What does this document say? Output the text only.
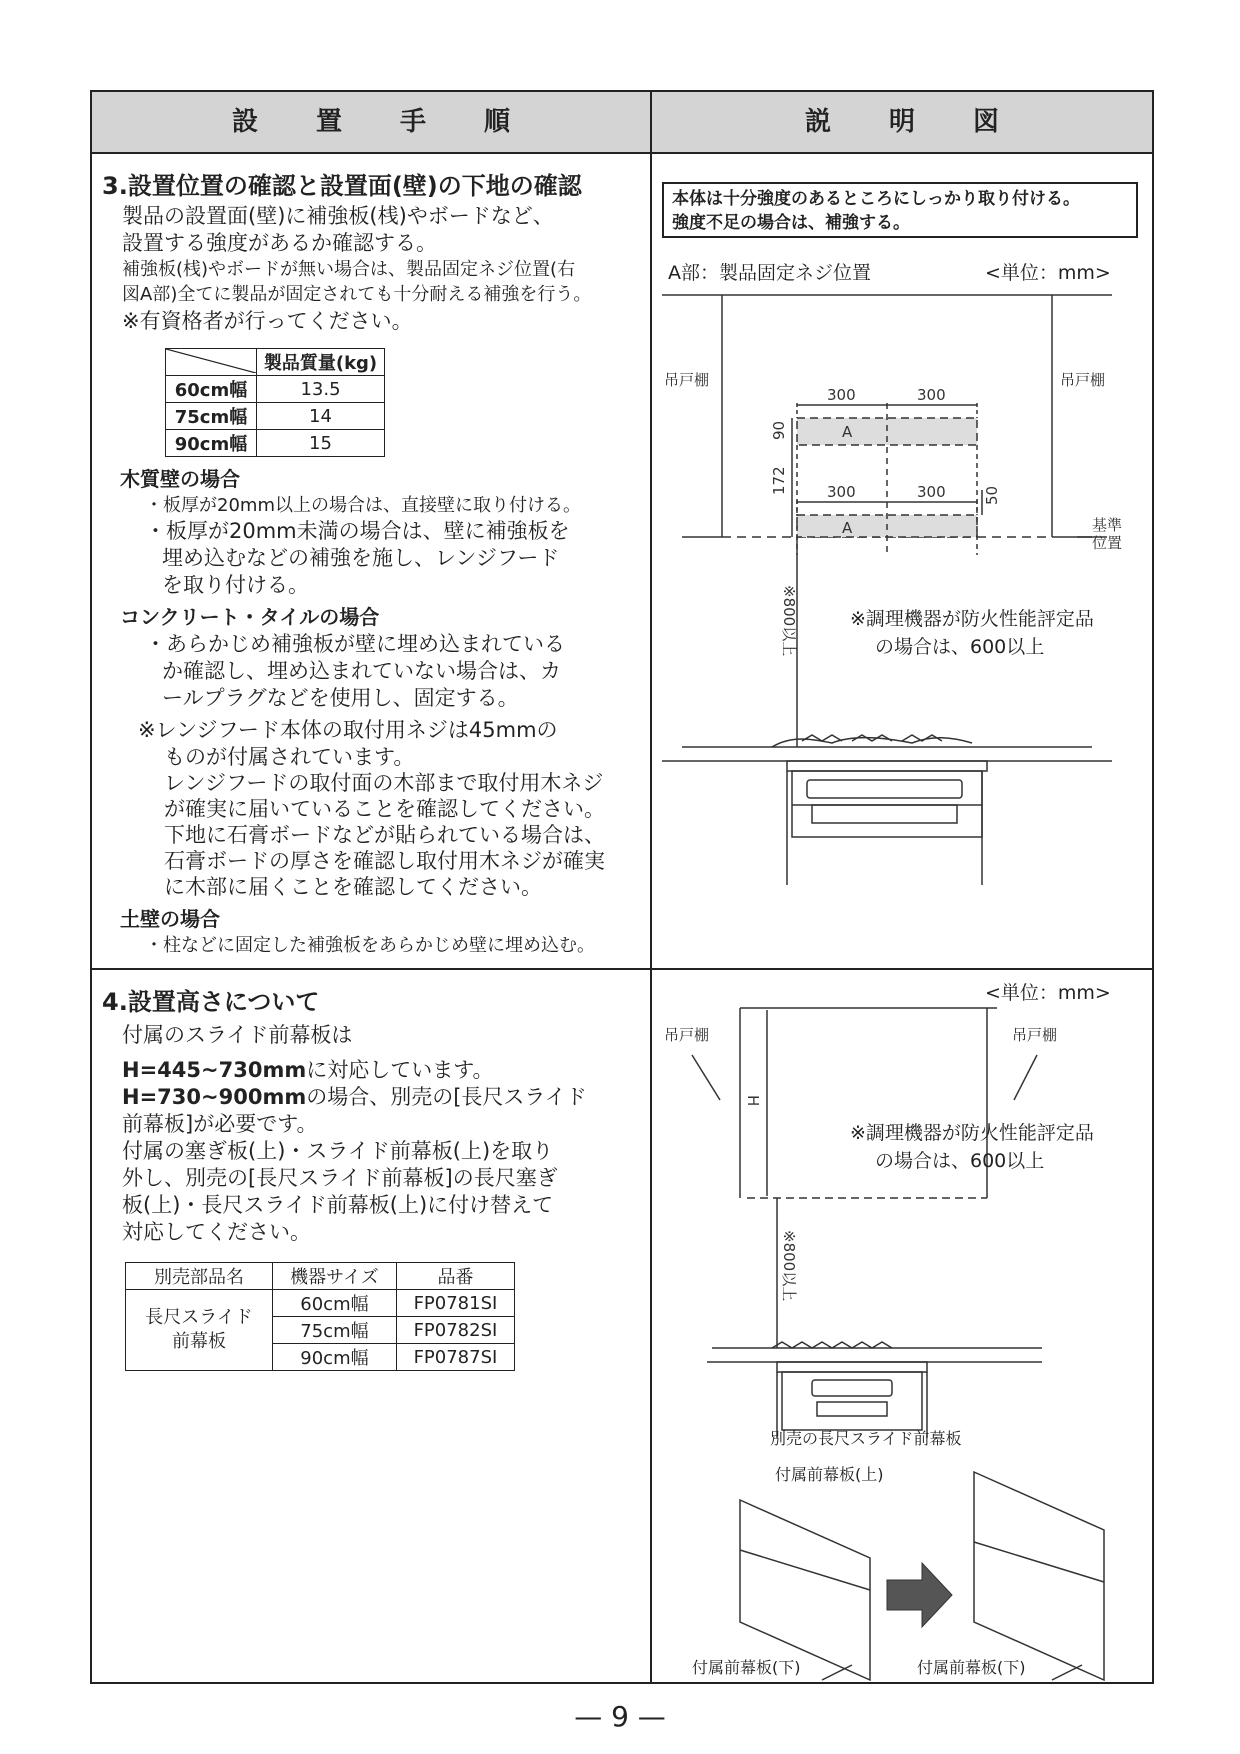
設置手順	説明図
3.設置位置の確認と設置面(壁)の下地の確認
製品の設置面(壁)に補強板(桟)やボードなど、
設置する強度があるか確認する。
補強板(桟)やボードが無い場合は、製品固定ネジ位置(右
図A部)全てに製品が固定されても十分耐える補強を行う。
※有資格者が行ってください。
	製品質量(kg)
60cm幅	13.5
75cm幅	14
90cm幅	15
木質壁の場合
・板厚が20mm以上の場合は、直接壁に取り付ける。
・板厚が20mm未満の場合は、壁に補強板を
埋め込むなどの補強を施し、レンジフード
を取り付ける。
コンクリート・タイルの場合
・あらかじめ補強板が壁に埋め込まれている
か確認し、埋め込まれていない場合は、カ
ールプラグなどを使用し、固定する。
※レンジフード本体の取付用ネジは45mmの
ものが付属されています。
レンジフードの取付面の木部まで取付用木ネジ
が確実に届いていることを確認してください。
下地に石膏ボードなどが貼られている場合は、
石膏ボードの厚さを確認し取付用木ネジが確実
に木部に届くことを確認してください。
土壁の場合
・柱などに固定した補強板をあらかじめ壁に埋め込む。
本体は十分強度のあるところにしっかり取り付ける。
強度不足の場合は、補強する。
A部：製品固定ネジ位置	<単位：mm>
吊戸棚	吊戸棚
300	300
300	300
A
A
90
172
50
基準
位置
※800以上	※調理機器が防火性能評定品
の場合は、600以上
4.設置高さについて
付属のスライド前幕板は
H=445~730mmに対応しています。
H=730~900mmの場合、別売の[長尺スライド
前幕板]が必要です。
付属の塞ぎ板(上)・スライド前幕板(上)を取り
外し、別売の[長尺スライド前幕板]の長尺塞ぎ
板(上)・長尺スライド前幕板(上)に付け替えて
対応してください。
別売部品名	機器サイズ	品番

長尺スライド
前幕板	60cm幅	FP0781SI
	75cm幅	FP0782SI
	90cm幅	FP0787SI
<単位：mm>
吊戸棚	吊戸棚
H
※800以上
※調理機器が防火性能評定品
の場合は、600以上
別売の長尺スライド前幕板
付属前幕板(上)
付属前幕板(下)	付属前幕板(下)
— 9 —
